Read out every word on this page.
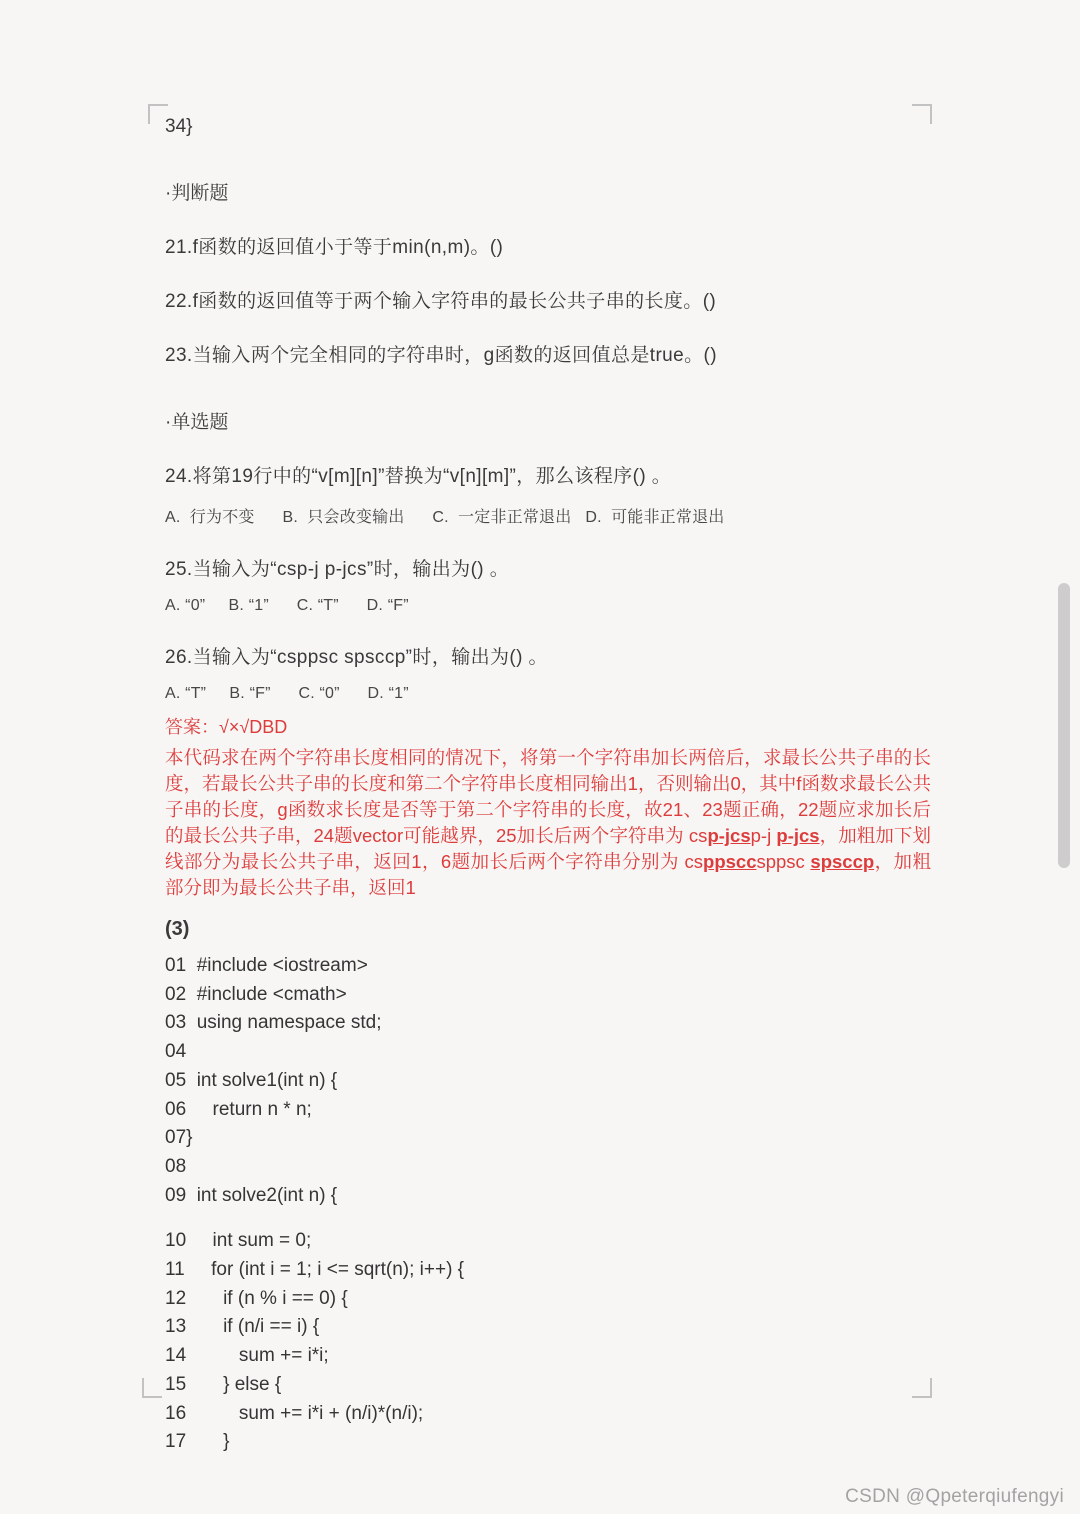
34}

·判断题

21.f函数的返回值小于等于min(n,m)。()

22.f函数的返回值等于两个输入字符串的最长公共子串的长度。()

23.当输入两个完全相同的字符串时，g函数的返回值总是true。()

·单选题

24.将第19行中的“v[m][n]”替换为“v[n][m]”，那么该程序() 。

A.  行为不变      B.  只会改变输出      C.  一定非正常退出   D.  可能非正常退出

25.当输入为“csp-j p-jcs”时，输出为() 。

A. “0”     B. “1”      C. “T”      D. “F”

26.当输入为“csppsc spsccp”时，输出为() 。

A. “T”     B. “F”      C. “0”      D. “1”

答案：√×√DBD

本代码求在两个字符串长度相同的情况下，将第一个字符串加长两倍后，求最长公共子串的长度，若最长公共子串的长度和第二个字符串长度相同输出1，否则输出0，其中f函数求最长公共子串的长度，g函数求长度是否等于第二个字符串的长度，故21、23题正确，22题应求加长后的最长公共子串，24题vector可能越界，25加长后两个字符串为 csp-jcsp-j p-jcs，加粗加下划线部分为最长公共子串，返回1，6题加长后两个字符串分别为 csppsccsppsc spsccp，加粗部分即为最长公共子串，返回1

(3)

01  #include <iostream>
02  #include <cmath>
03  using namespace std;
04
05  int solve1(int n) {
06     return n * n;
07}
08
09  int solve2(int n) {
10     int sum = 0;
11     for (int i = 1; i <= sqrt(n); i++) {
12       if (n % i == 0) {
13       if (n/i == i) {
14          sum += i*i;
15       } else {
16          sum += i*i + (n/i)*(n/i);
17       }
CSDN @Qpeterqiufengyi
